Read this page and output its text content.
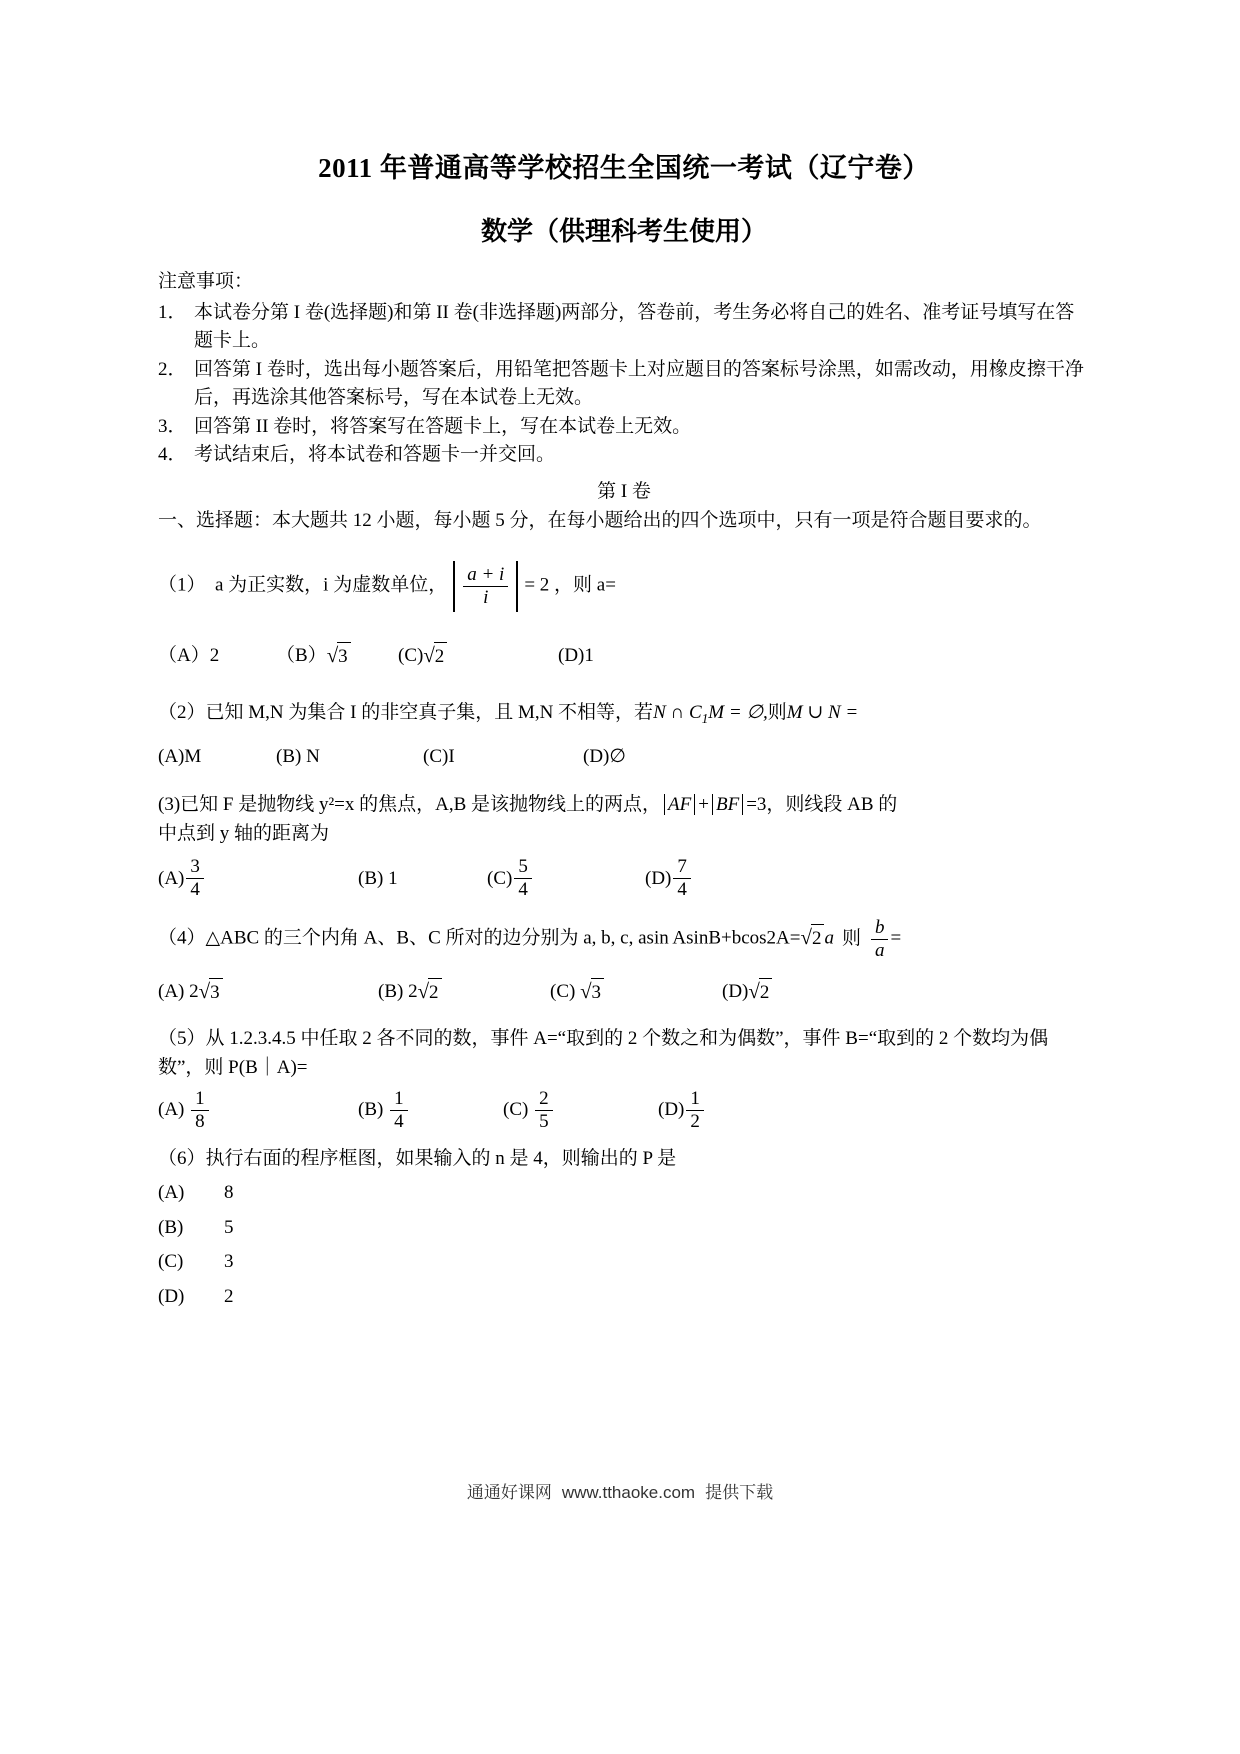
2011 年普通高等学校招生全国统一考试（辽宁卷）
数学（供理科考生使用）
注意事项：
1． 本试卷分第 I 卷(选择题)和第 II 卷(非选择题)两部分，答卷前，考生务必将自己的姓名、准考证号填写在答题卡上。
2． 回答第 I 卷时，选出每小题答案后，用铅笔把答题卡上对应题目的答案标号涂黑，如需改动，用橡皮擦干净后，再选涂其他答案标号，写在本试卷上无效。
3． 回答第 II 卷时，将答案写在答题卡上，写在本试卷上无效。
4． 考试结束后，将本试卷和答题卡一并交回。
第 I 卷
一、选择题：本大题共 12 小题，每小题 5 分，在每小题给出的四个选项中，只有一项是符合题目要求的。
（1）　a 为正实数，i 为虚数单位， $\frac{a + i}{i} = 2$ ，则 a=
（A）2	（B） √ 3	(C) √ 2	(D)1
（2）已知 M,N 为集合 I 的非空真子集，且 M,N 不相等，若N ∩ $C_1M$ = ∅,则M ∪ N =
(A)M	(B) N	(C)I	(D)∅
(3)已知 F 是抛物线 y²=x 的焦点，A,B 是该抛物线上的两点， AF + BF =3，则线段 AB 的
中点到 y 轴的距离为
$(A) \frac{3}{4}$	(B) 1	$(C) \frac{5}{4}$	$(D) \frac{7}{4}$
（4）△ABC 的三个内角 A、B、C 所对的边分别为 a, b, c, asin AsinB+bcos2A= √ 2 a 则 $\frac{b}{a}$ =
(A) 2 √ 3	(B) 2 √ 2	(C) √ 3	(D) √ 2
（5）从 1.2.3.4.5 中任取 2 各不同的数，事件 A=“取到的 2 个数之和为偶数”，事件 B=“取到的 2 个数均为偶数”，则 P(B｜A)=
$(A) \frac{1}{8}$	$(B) \frac{1}{4}$	$(C) \frac{2}{5}$	$(D) \frac{1}{2}$
（6）执行右面的程序框图，如果输入的 n 是 4，则输出的 P 是
(A)	8
(B)	5
(C)	3
(D)	2
通通好课网 www.tthaoke.com 提供下载
